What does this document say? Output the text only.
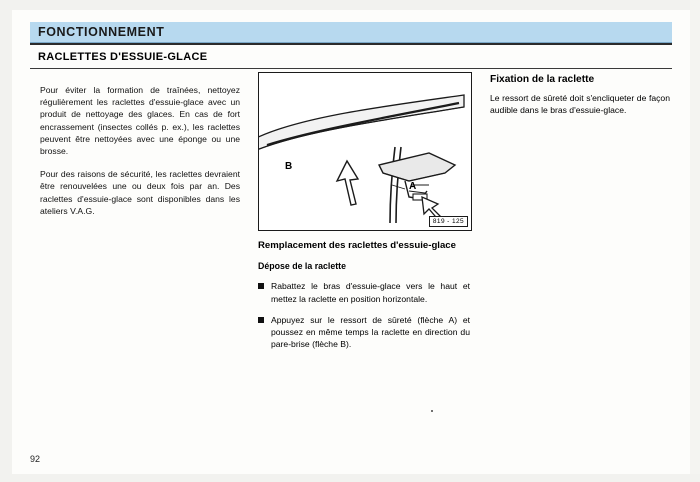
FONCTIONNEMENT
RACLETTES D'ESSUIE-GLACE

Pour éviter la formation de traînées, nettoyez régulièrement les raclettes d'essuie-glace avec un produit de nettoyage des glaces. En cas de fort encrassement (insectes collés p. ex.), les raclettes peuvent être nettoyées avec une éponge ou une brosse.

Pour des raisons de sécurité, les raclettes devraient être renouvelées une ou deux fois par an. Des raclettes d'essuie-glace sont disponibles dans les ateliers V.A.G.

B
A
819 - 125
Remplacement des raclettes d'essuie-glace
Dépose de la raclette
Rabattez le bras d'essuie-glace vers le haut et mettez la raclette en position horizontale.
Appuyez sur le ressort de sûreté (flèche A) et poussez en même temps la raclette en direction du pare-brise (flèche B).
Fixation de la raclette
Le ressort de sûreté doit s'encliqueter de façon audible dans le bras d'essuie-glace.
92
